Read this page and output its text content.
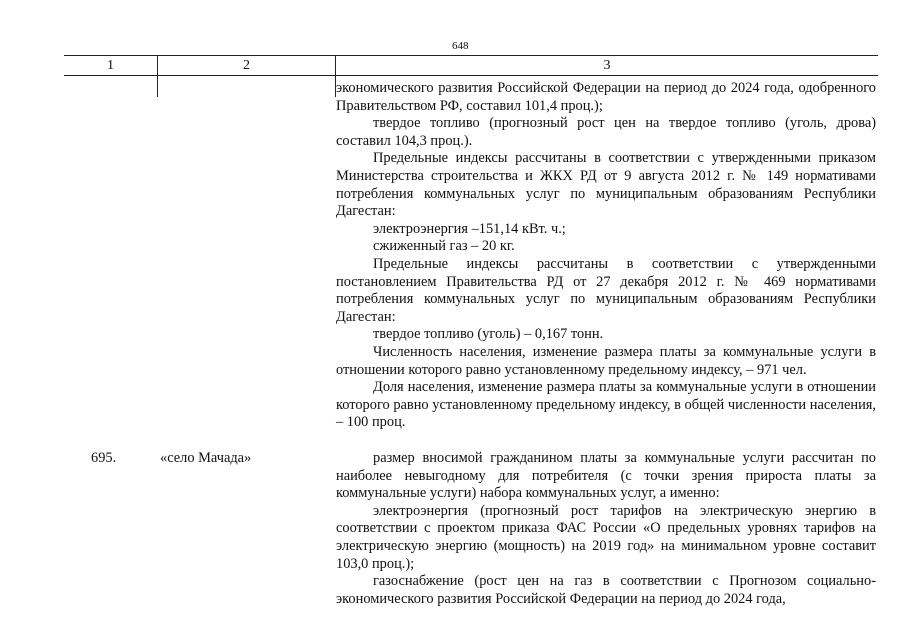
648
1	2	3

экономического развития Российской Федерации на период до 2024 года, одобренного Правительством РФ, составил 101,4 проц.);

твердое топливо (прогнозный рост цен на твердое топливо (уголь, дрова) составил 104,3 проц.).

Предельные индексы рассчитаны в соответствии с утвержденными приказом Министерства строительства и ЖКХ РД от 9 августа 2012 г. № 149 нормативами потребления коммунальных услуг по муниципальным образованиям Республики Дагестан:

электроэнергия –151,14 кВт. ч.;

сжиженный газ – 20 кг.

Предельные индексы рассчитаны в соответствии с утвержденными постановлением Правительства РД от 27 декабря 2012 г. № 469 нормативами потребления коммунальных услуг по муниципальным образованиям Республики Дагестан:

твердое топливо (уголь) – 0,167 тонн.

Численность населения, изменение размера платы за коммунальные услуги в отношении которого равно установленному предельному индексу, – 971 чел.

Доля населения, изменение размера платы за коммунальные услуги в отношении которого равно установленному предельному индексу, в общей численности населения, – 100 проц.

695.	«село Мачада»	размер вносимой гражданином платы за коммунальные услуги рассчитан по наиболее невыгодному для потребителя (с точки зрения прироста платы за коммунальные услуги) набора коммунальных услуг, а именно:

электроэнергия (прогнозный рост тарифов на электрическую энергию в соответствии с проектом приказа ФАС России «О предельных уровнях тарифов на электрическую энергию (мощность) на 2019 год» на минимальном уровне составит 103,0 проц.);

газоснабжение (рост цен на газ в соответствии с Прогнозом социально-экономического развития Российской Федерации на период до 2024 года,
